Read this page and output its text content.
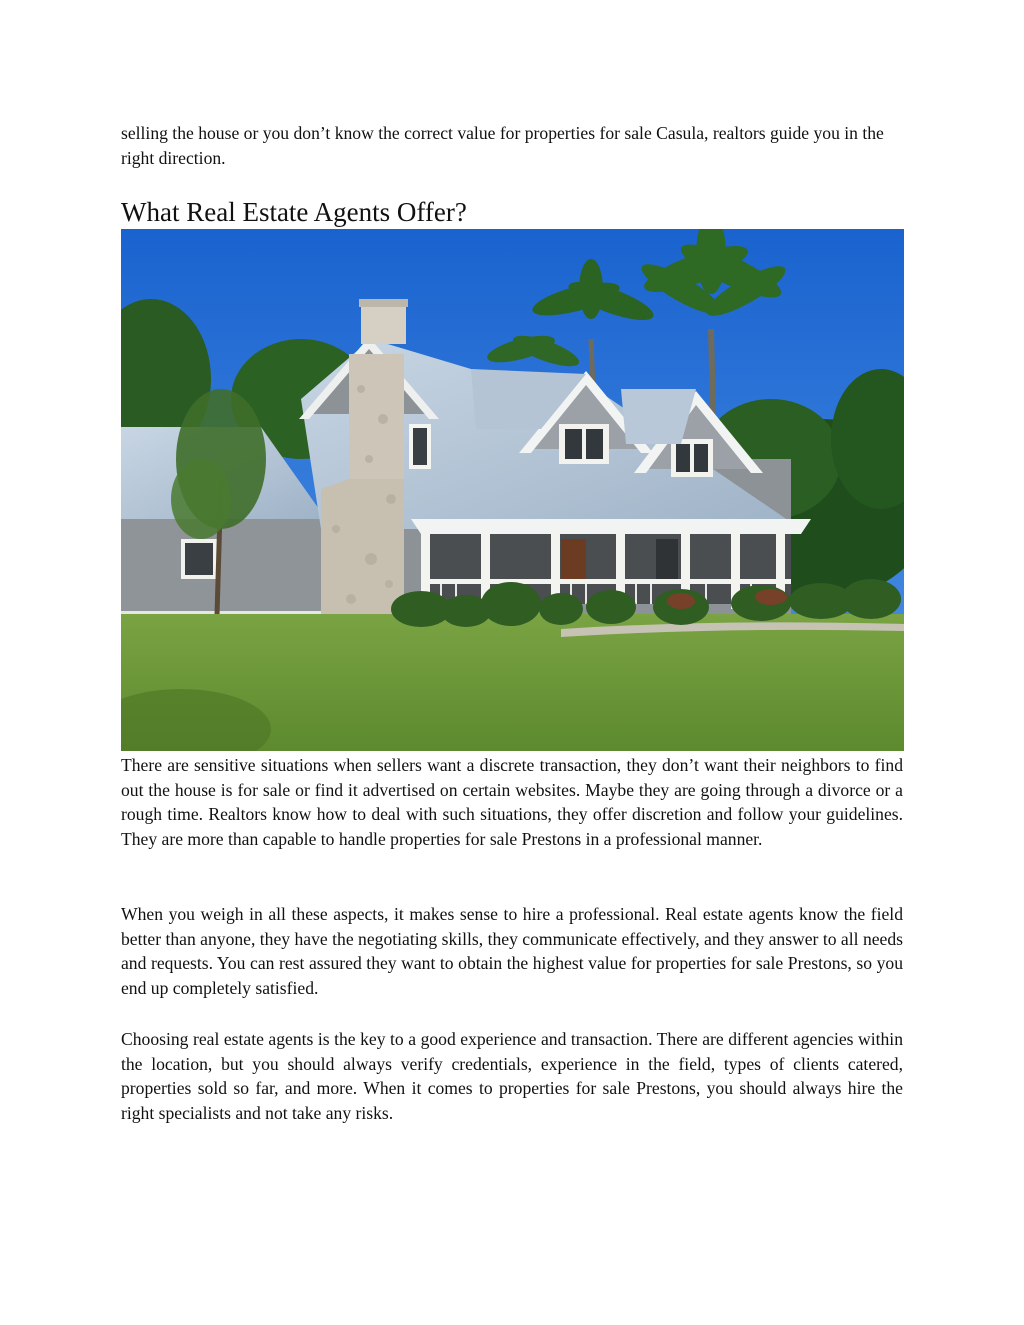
selling the house or you don’t know the correct value for properties for sale Casula, realtors guide you in the right direction.

What Real Estate Agents Offer?

There are sensitive situations when sellers want a discrete transaction, they don’t want their neighbors to find out the house is for sale or find it advertised on certain websites. Maybe they are going through a divorce or a rough time. Realtors know how to deal with such situations, they offer discretion and follow your guidelines. They are more than capable to handle properties for sale Prestons in a professional manner.

When you weigh in all these aspects, it makes sense to hire a professional. Real estate agents know the field better than anyone, they have the negotiating skills, they communicate effectively, and they answer to all needs and requests. You can rest assured they want to obtain the highest value for properties for sale Prestons, so you end up completely satisfied.

Choosing real estate agents is the key to a good experience and transaction. There are different agencies within the location, but you should always verify credentials, experience in the field, types of clients catered, properties sold so far, and more. When it comes to properties for sale Prestons, you should always hire the right specialists and not take any risks.
